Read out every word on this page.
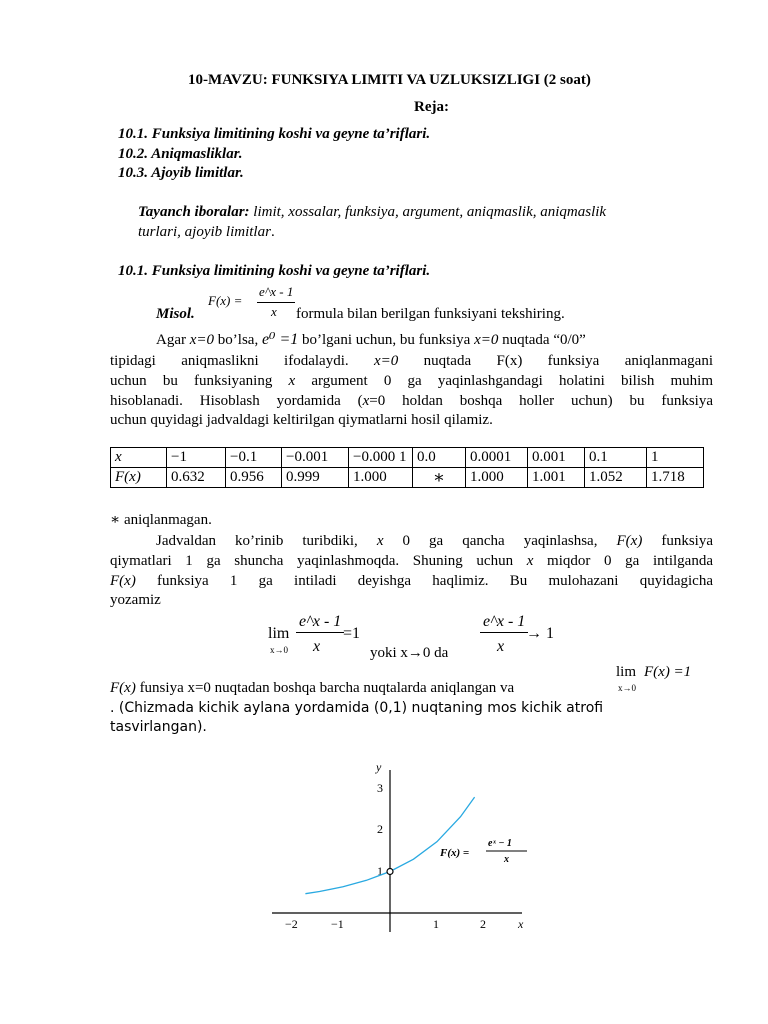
10-MAVZU: FUNKSIYA LIMITI VA UZLUKSIZLIGI (2 soat)
Reja:
10.1. Funksiya limitining koshi va geyne ta’riflari.
10.2. Aniqmasliklar.
10.3. Ajoyib limitlar.
Tayanch iboralar: limit, xossalar, funksiya, argument, aniqmaslik, aniqmaslik
turlari, ajoyib limitlar.
10.1. Funksiya limitining koshi va geyne ta’riflari.
Misol.
F(x) =
e^x - 1
x formula bilan berilgan funksiyani tekshiring.
Agar x=0 bo’lsa, e⁰ =1 bo’lgani uchun, bu funksiya x=0 nuqtada “0/0”
tipidagi aniqmaslikni ifodalaydi. x=0 nuqtada F(x) funksiya aniqlanmagani
uchun bu funksiyaning x argument 0 ga yaqinlashgandagi holatini bilish muhim
hisoblanadi. Hisoblash yordamida (x=0 holdan boshqa holler uchun) bu funksiya
uchun quyidagi jadvaldagi keltirilgan qiymatlarni hosil qilamiz.
x	−1	−0.1	−0.001	−0.000 1	0.0	0.0001	0.001	0.1	1
F(x)	0.632	0.956	0.999	1.000	∗	1.000	1.001	1.052	1.718
∗ aniqlanmagan.
Jadvaldan ko’rinib turibdiki, x 0 ga qancha yaqinlashsa, F(x) funksiya
qiymatlari 1 ga shuncha yaqinlashmoqda. Shuning uchun x miqdor 0 ga intilganda
F(x) funksiya 1 ga intiladi deyishga haqlimiz. Bu mulohazani quyidagicha
yozamiz
lim
x→0
e^x - 1
x
=1
yoki x→0 da
e^x - 1
x
→ 1
lim
x→0
F(x) =1
F(x) funsiya x=0 nuqtadan boshqa barcha nuqtalarda aniqlangan va
. (Chizmada kichik aylana yordamida (0,1) nuqtaning mos kichik atrofi
tasvirlangan).
y
x
−2	−1	1	2
1
2
3
F(x) =
eˣ − 1
x
